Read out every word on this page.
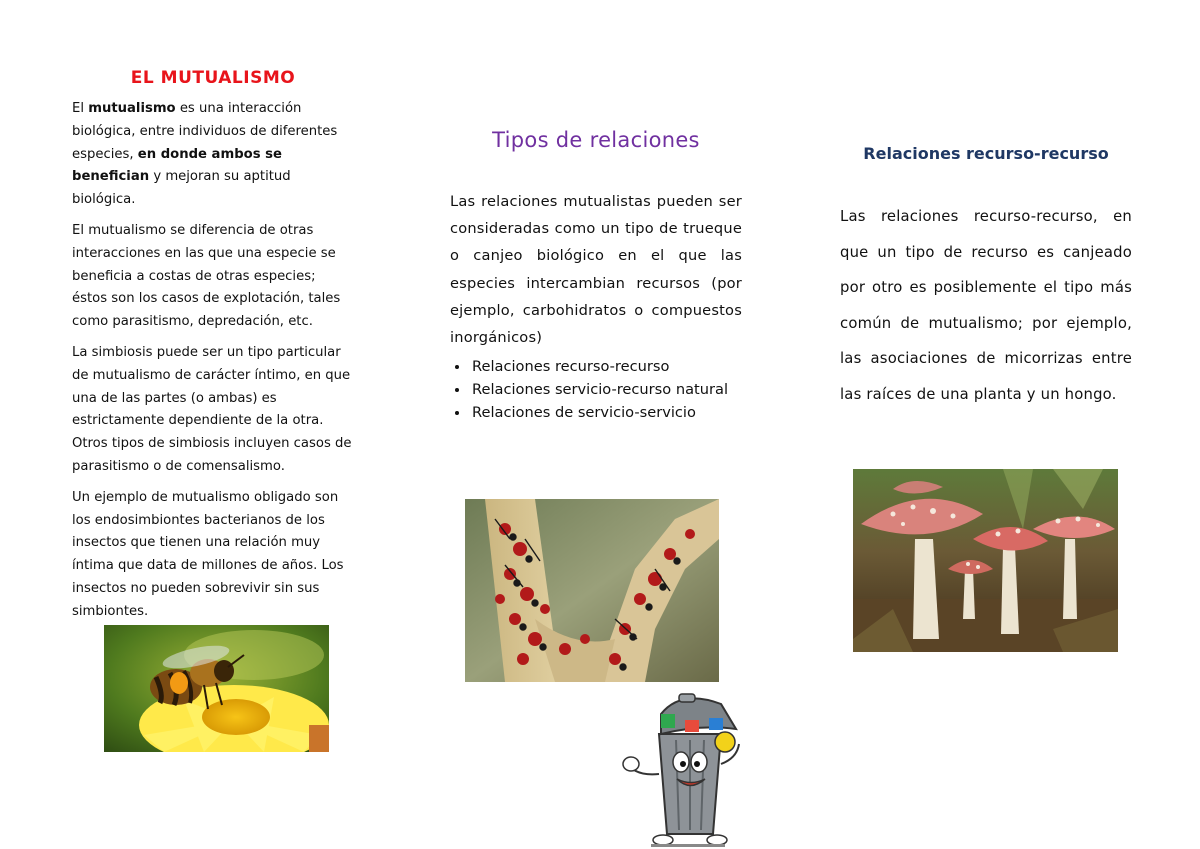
EL MUTUALISMO

El mutualismo es una interacción biológica, entre individuos de diferentes especies, en donde ambos se benefician y mejoran su aptitud biológica.

El mutualismo se diferencia de otras interacciones en las que una especie se beneficia a costas de otras especies; éstos son los casos de explotación, tales como parasitismo, depredación, etc.

La simbiosis puede ser un tipo particular de mutualismo de carácter íntimo, en que una de las partes (o ambas) es estrictamente dependiente de la otra. Otros tipos de simbiosis incluyen casos de parasitismo o de comensalismo.

Un ejemplo de mutualismo obligado son los endosimbiontes bacterianos de los insectos que tienen una relación muy íntima que data de millones de años. Los insectos no pueden sobrevivir sin sus simbiontes.

Tipos de relaciones

Las relaciones mutualistas pueden ser consideradas como un tipo de trueque o canjeo biológico en el que las especies intercambian recursos (por ejemplo, carbohidratos o compuestos inorgánicos)

• Relaciones recurso-recurso
• Relaciones servicio-recurso natural
• Relaciones de servicio-servicio
Relaciones recurso-recurso

Las relaciones recurso-recurso, en que un tipo de recurso es canjeado por otro es posiblemente el tipo más común de mutualismo; por ejemplo, las asociaciones de micorrizas entre las raíces de una planta y un hongo.
